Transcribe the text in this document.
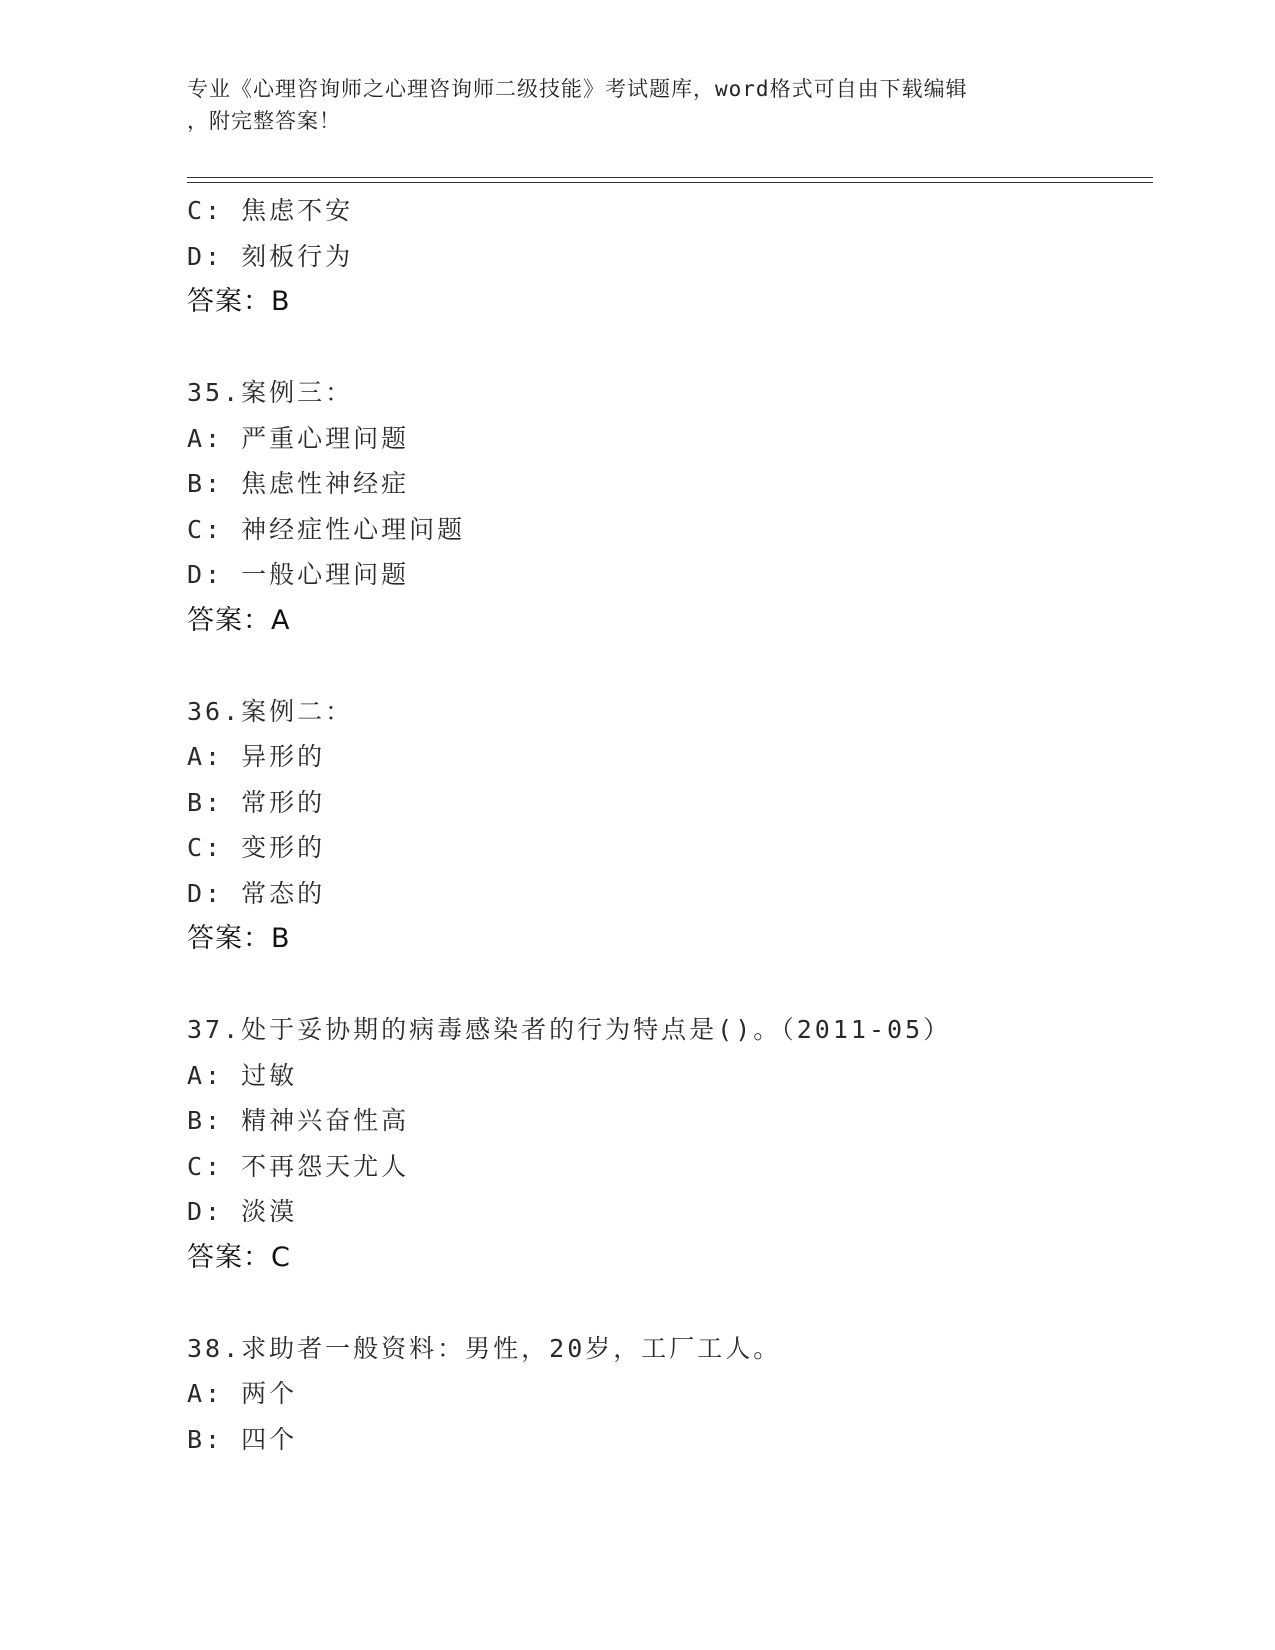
专业《心理咨询师之心理咨询师二级技能》考试题库，word格式可自由下载编辑
，附完整答案！
C: 焦虑不安
D: 刻板行为
答案：B
35.案例三：
A: 严重心理问题
B: 焦虑性神经症
C: 神经症性心理问题
D: 一般心理问题
答案：A
36.案例二：
A: 异形的
B: 常形的
C: 变形的
D: 常态的
答案：B
37.处于妥协期的病毒感染者的行为特点是()。（2011-05）
A: 过敏
B: 精神兴奋性高
C: 不再怨天尤人
D: 淡漠
答案：C
38.求助者一般资料：男性，20岁，工厂工人。
A: 两个
B: 四个
